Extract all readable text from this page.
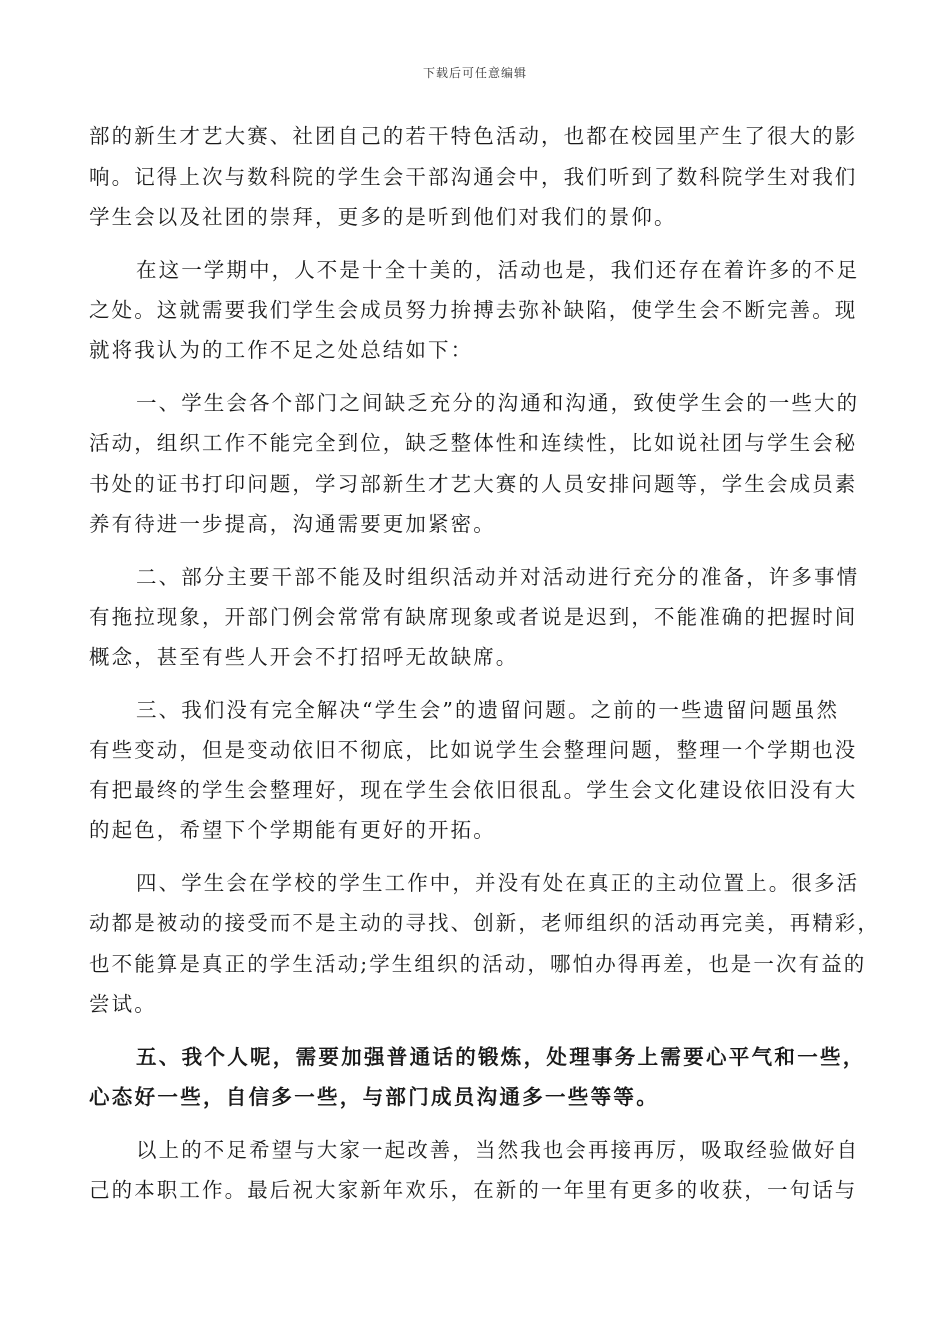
下载后可任意编辑
部的新生才艺大赛、社团自己的若干特色活动，也都在校园里产生了很大的影
响。记得上次与数科院的学生会干部沟通会中，我们听到了数科院学生对我们
学生会以及社团的崇拜，更多的是听到他们对我们的景仰。
在这一学期中，人不是十全十美的，活动也是，我们还存在着许多的不足
之处。这就需要我们学生会成员努力拚搏去弥补缺陷，使学生会不断完善。现
就将我认为的工作不足之处总结如下：
一、学生会各个部门之间缺乏充分的沟通和沟通，致使学生会的一些大的
活动，组织工作不能完全到位，缺乏整体性和连续性，比如说社团与学生会秘
书处的证书打印问题，学习部新生才艺大赛的人员安排问题等，学生会成员素
养有待进一步提高，沟通需要更加紧密。
二、部分主要干部不能及时组织活动并对活动进行充分的准备，许多事情
有拖拉现象，开部门例会常常有缺席现象或者说是迟到，不能准确的把握时间
概念，甚至有些人开会不打招呼无故缺席。
三、我们没有完全解决“学生会”的遗留问题。之前的一些遗留问题虽然
有些变动，但是变动依旧不彻底，比如说学生会整理问题，整理一个学期也没
有把最终的学生会整理好，现在学生会依旧很乱。学生会文化建设依旧没有大
的起色，希望下个学期能有更好的开拓。
四、学生会在学校的学生工作中，并没有处在真正的主动位置上。很多活
动都是被动的接受而不是主动的寻找、创新，老师组织的活动再完美，再精彩，
也不能算是真正的学生活动;学生组织的活动，哪怕办得再差，也是一次有益的
尝试。
五、我个人呢，需要加强普通话的锻炼，处理事务上需要心平气和一些，
心态好一些，自信多一些，与部门成员沟通多一些等等。
以上的不足希望与大家一起改善，当然我也会再接再厉，吸取经验做好自
己的本职工作。最后祝大家新年欢乐，在新的一年里有更多的收获，一句话与
